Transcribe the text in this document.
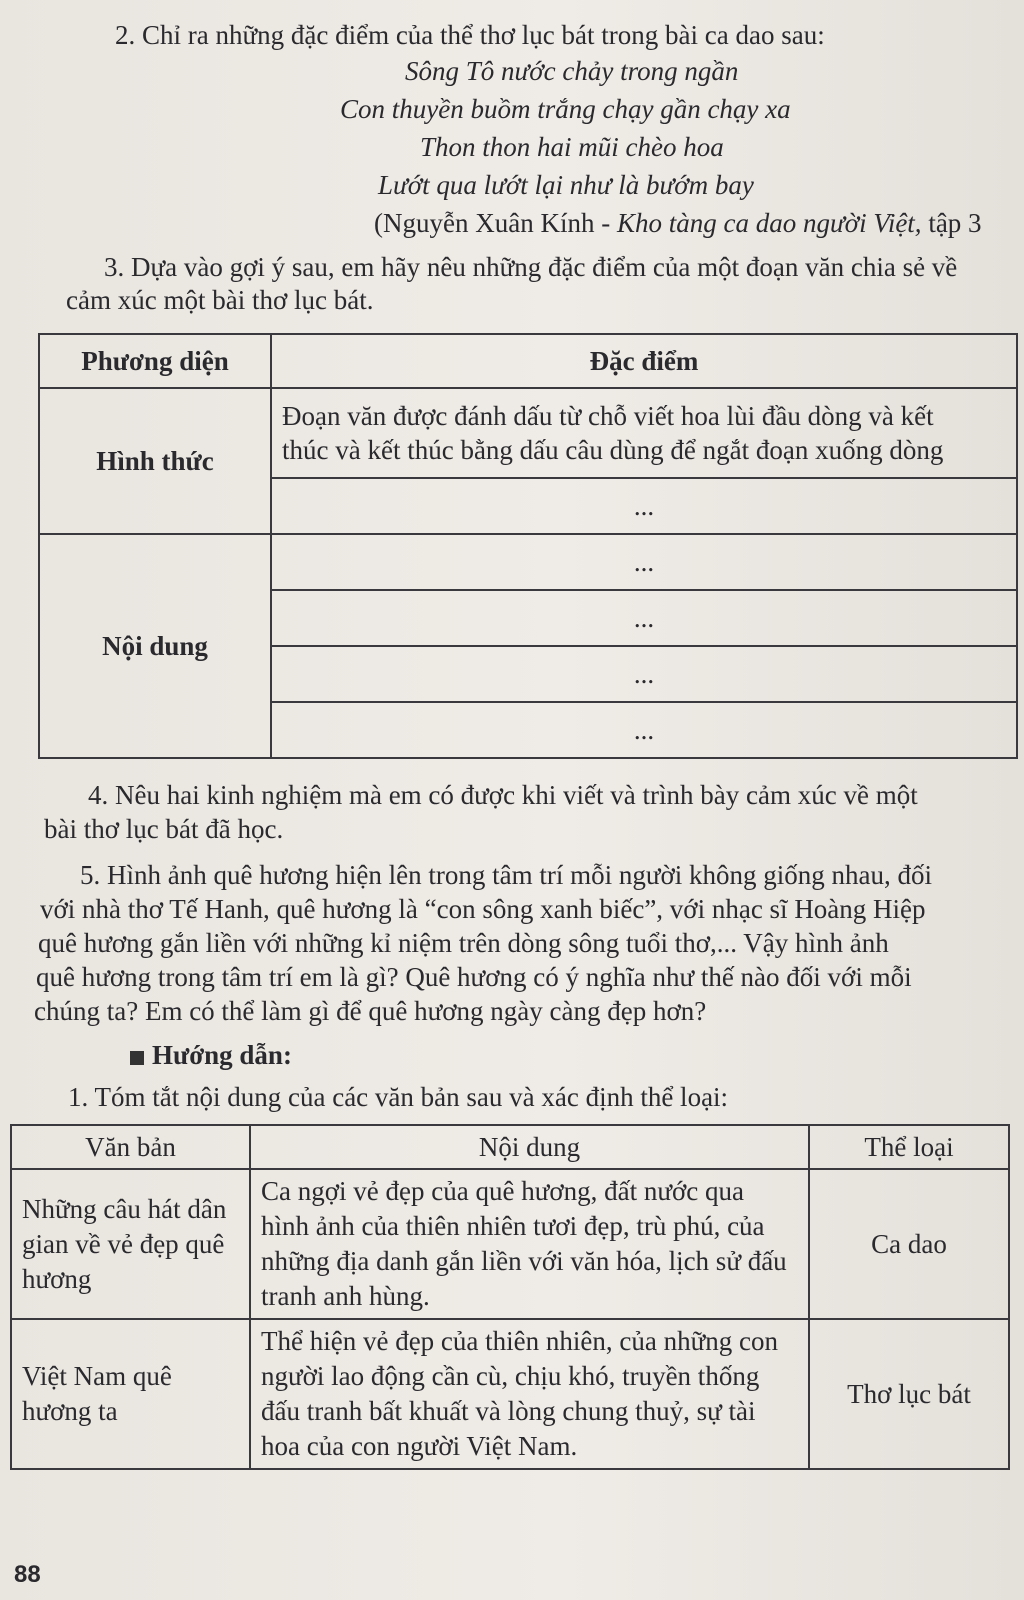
2. Chỉ ra những đặc điểm của thể thơ lục bát trong bài ca dao sau:
Sông Tô nước chảy trong ngần
Con thuyền buồm trắng chạy gần chạy xa
Thon thon hai mũi chèo hoa
Lướt qua lướt lại như là bướm bay
(Nguyễn Xuân Kính - Kho tàng ca dao người Việt, tập 3
3. Dựa vào gợi ý sau, em hãy nêu những đặc điểm của một đoạn văn chia sẻ về
cảm xúc một bài thơ lục bát.
Phương diện	Đặc điểm
Hình thức	Đoạn văn được đánh dấu từ chỗ viết hoa lùi đầu dòng và kết
thúc và kết thúc bằng dấu câu dùng để ngắt đoạn xuống dòng

	...
Nội dung	...
	...
	...
	...
4. Nêu hai kinh nghiệm mà em có được khi viết và trình bày cảm xúc về một
bài thơ lục bát đã học.
5. Hình ảnh quê hương hiện lên trong tâm trí mỗi người không giống nhau, đối
với nhà thơ Tế Hanh, quê hương là “con sông xanh biếc”, với nhạc sĩ Hoàng Hiệp
quê hương gắn liền với những kỉ niệm trên dòng sông tuổi thơ,... Vậy hình ảnh
quê hương trong tâm trí em là gì? Quê hương có ý nghĩa như thế nào đối với mỗi
chúng ta? Em có thể làm gì để quê hương ngày càng đẹp hơn?
Hướng dẫn:
1. Tóm tắt nội dung của các văn bản sau và xác định thể loại:
Văn bản	Nội dung	Thể loại
Những câu hát dân gian về vẻ đẹp quê hương	Ca ngợi vẻ đẹp của quê hương, đất nước qua hình ảnh của thiên nhiên tươi đẹp, trù phú, của những địa danh gắn liền với văn hóa, lịch sử đấu tranh anh hùng.	Ca dao
Việt Nam quê hương ta	Thể hiện vẻ đẹp của thiên nhiên, của những con người lao động cần cù, chịu khó, truyền thống đấu tranh bất khuất và lòng chung thuỷ, sự tài hoa của con người Việt Nam.	Thơ lục bát
88
